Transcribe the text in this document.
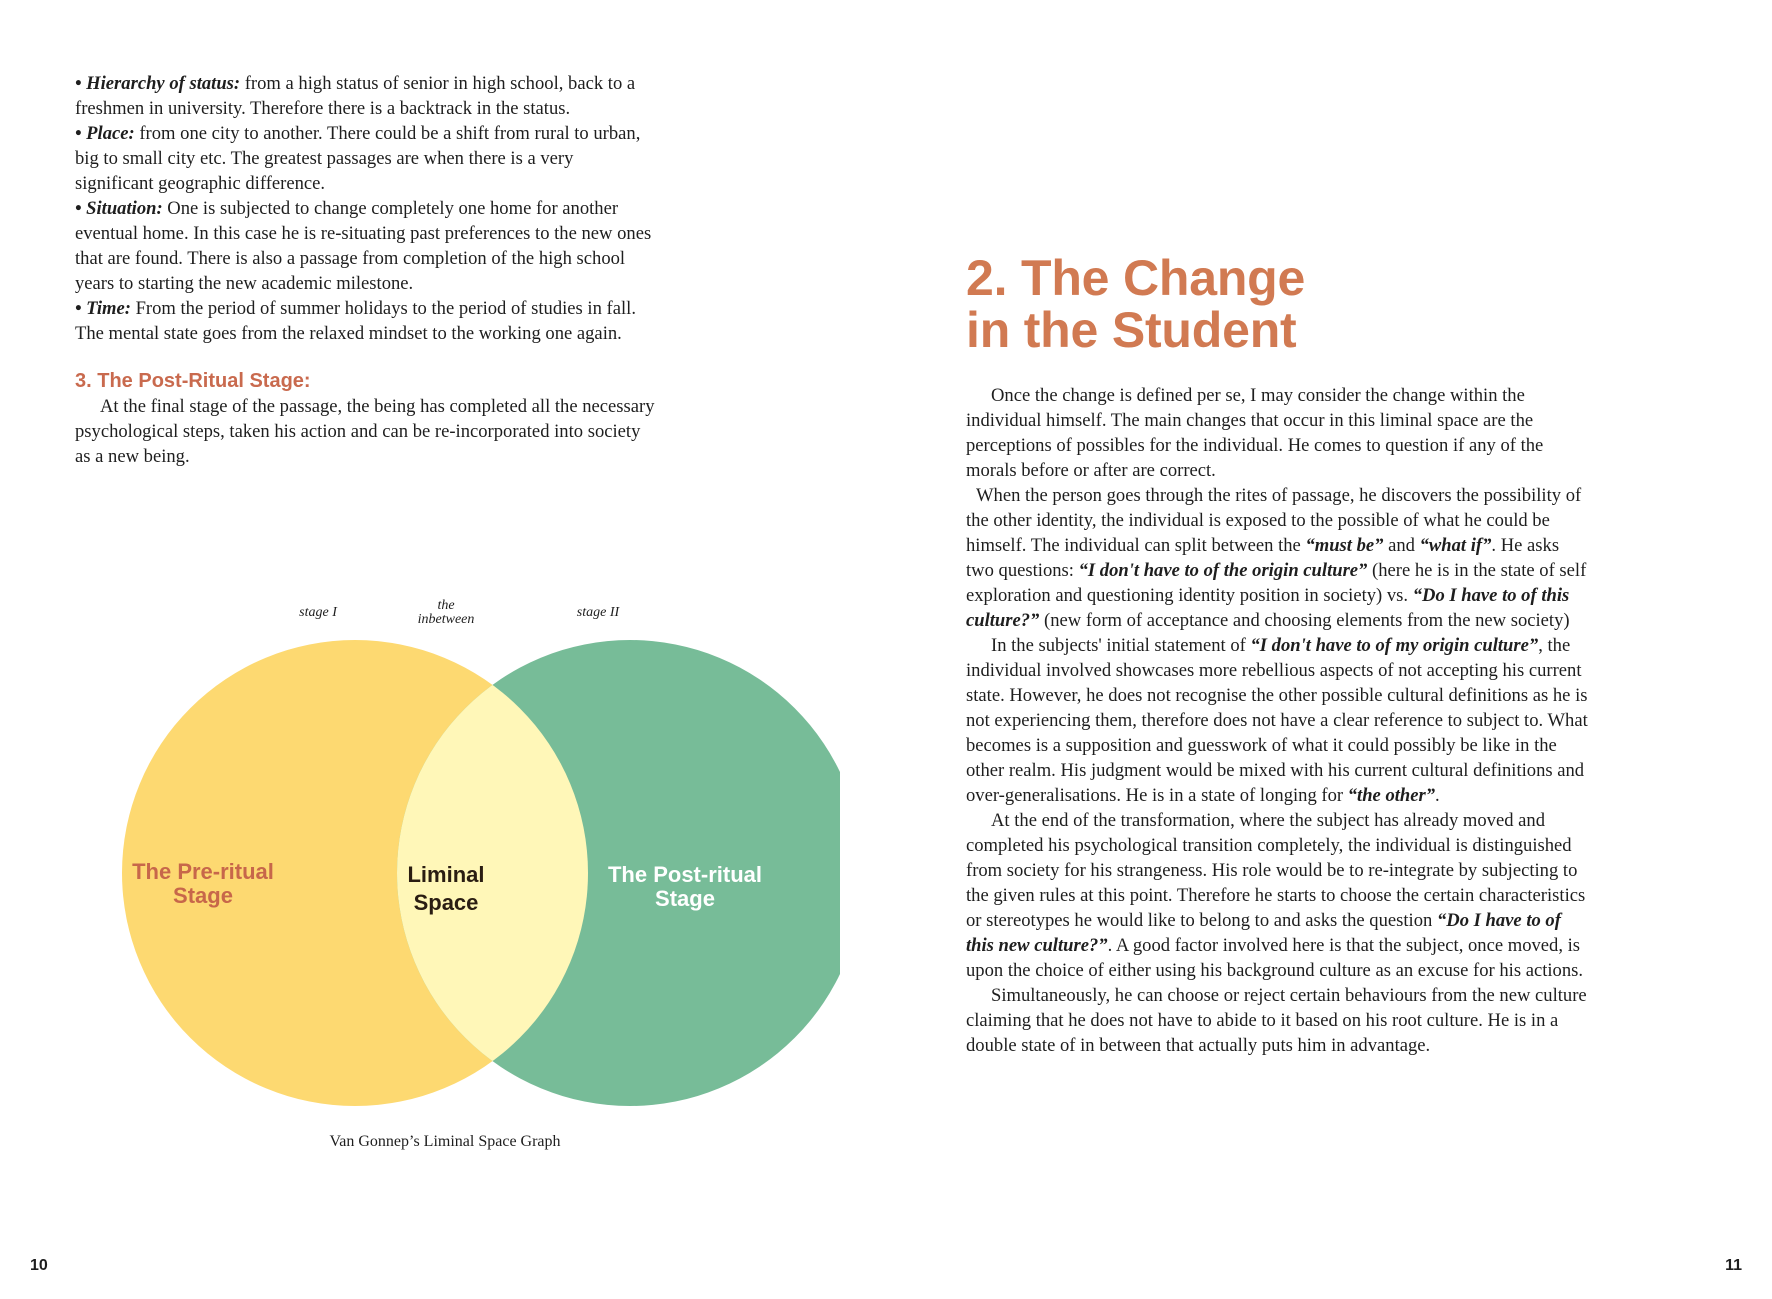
• Hierarchy of status: from a high status of senior in high school, back to a freshmen in university. Therefore there is a backtrack in the status.

• Place: from one city to another. There could be a shift from rural to urban, big to small city etc. The greatest passages are when there is a very significant geographic difference.

• Situation: One is subjected to change completely one home for another eventual home. In this case he is re-situating past preferences to the new ones that are found. There is also a passage from completion of the high school years to starting the new academic milestone.

• Time: From the period of summer holidays to the period of studies in fall. The mental state goes from the relaxed mindset to the working one again.

3. The Post-Ritual Stage:

At the final stage of the passage, the being has completed all the necessary psychological steps, taken his action and can be re-incorporated into society as a new being.

stage I	the
inbetween	stage II
The Pre-ritual
Stage
Liminal
Space
The Post-ritual
Stage
Van Gonnep’s Liminal Space Graph
10
2. The Change
in the Student

Once the change is defined per se, I may consider the change within the individual himself. The main changes that occur in this liminal space are the perceptions of possibles for the individual. He comes to question if any of the morals before or after are correct.

When the person goes through the rites of passage, he discovers the possibility of the other identity, the individual is exposed to the possible of what he could be himself. The individual can split between the “must be” and “what if”. He asks two questions: “I don't have to of the origin culture” (here he is in the state of self exploration and questioning identity position in society) vs. “Do I have to of this culture?” (new form of acceptance and choosing elements from the new society)

In the subjects' initial statement of “I don't have to of my origin culture”, the individual involved showcases more rebellious aspects of not accepting his current state. However, he does not recognise the other possible cultural definitions as he is not experiencing them, therefore does not have a clear reference to subject to. What becomes is a supposition and guesswork of what it could possibly be like in the other realm. His judgment would be mixed with his current cultural definitions and over-generalisations. He is in a state of longing for “the other”.

At the end of the transformation, where the subject has already moved and completed his psychological transition completely, the individual is distinguished from society for his strangeness. His role would be to re-integrate by subjecting to the given rules at this point. Therefore he starts to choose the certain characteristics or stereotypes he would like to belong to and asks the question “Do I have to of this new culture?”. A good factor involved here is that the subject, once moved, is upon the choice of either using his background culture as an excuse for his actions.

Simultaneously, he can choose or reject certain behaviours from the new culture claiming that he does not have to abide to it based on his root culture. He is in a double state of in between that actually puts him in advantage.

11
